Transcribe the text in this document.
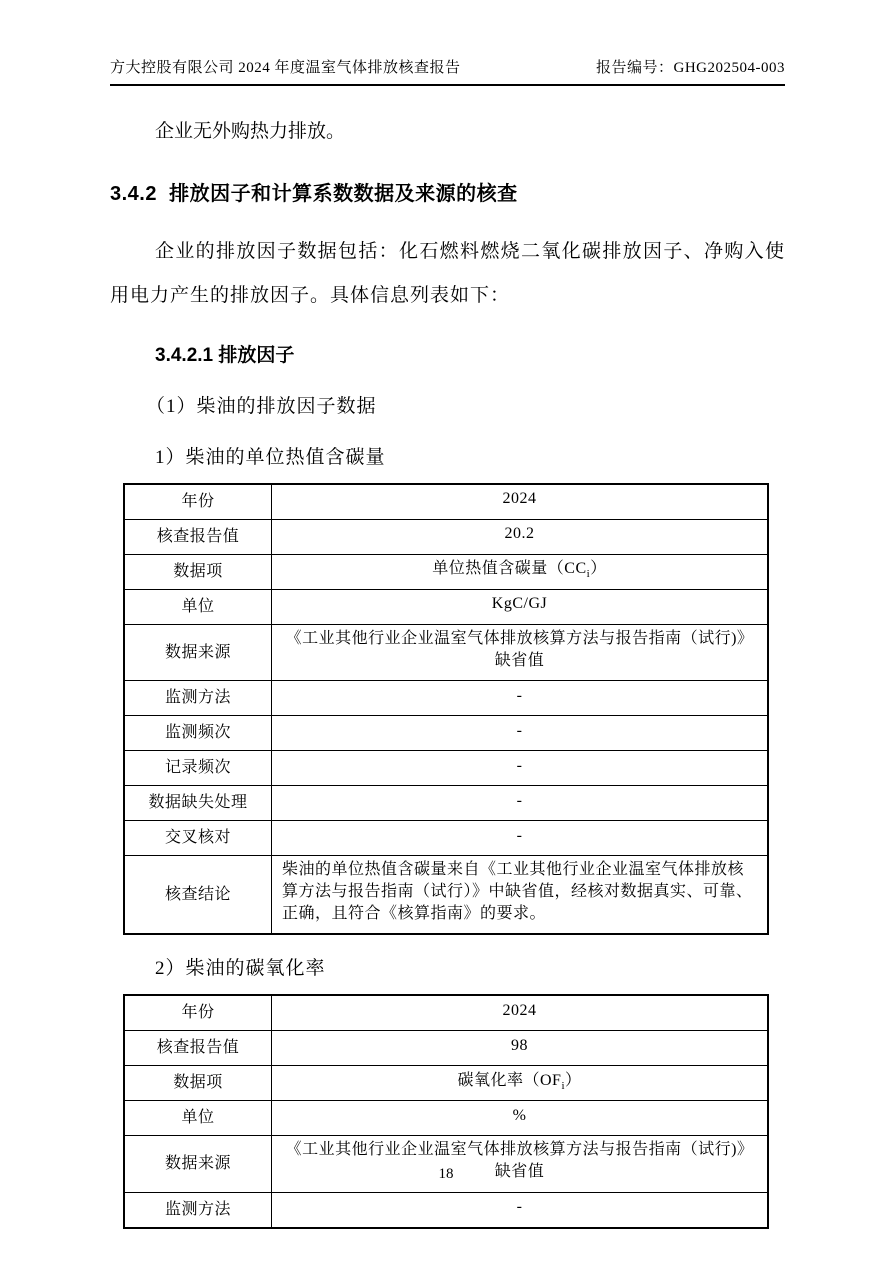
方大控股有限公司 2024 年度温室气体排放核查报告	报告编号：GHG202504-003
企业无外购热力排放。
3.4.2  排放因子和计算系数数据及来源的核查
企业的排放因子数据包括：化石燃料燃烧二氧化碳排放因子、净购入使用电力产生的排放因子。具体信息列表如下：
3.4.2.1 排放因子
（1）柴油的排放因子数据
1）柴油的单位热值含碳量
年份	2024
核查报告值	20.2
数据项	单位热值含碳量$(CC_i)$
单位	KgC/GJ
数据来源	《工业其他行业企业温室气体排放核算方法与报告指南（试行)》缺省值
监测方法	-
监测频次	-
记录频次	-
数据缺失处理	-
交叉核对	-
核查结论	柴油的单位热值含碳量来自《工业其他行业企业温室气体排放核算方法与报告指南（试行）》中缺省值，经核对数据真实、可靠、正确，且符合《核算指南》的要求。
2）柴油的碳氧化率
年份	2024
核查报告值	98
数据项	碳氧化率$(OF_i)$
单位	%
数据来源	《工业其他行业企业温室气体排放核算方法与报告指南（试行)》缺省值
监测方法	-
18
